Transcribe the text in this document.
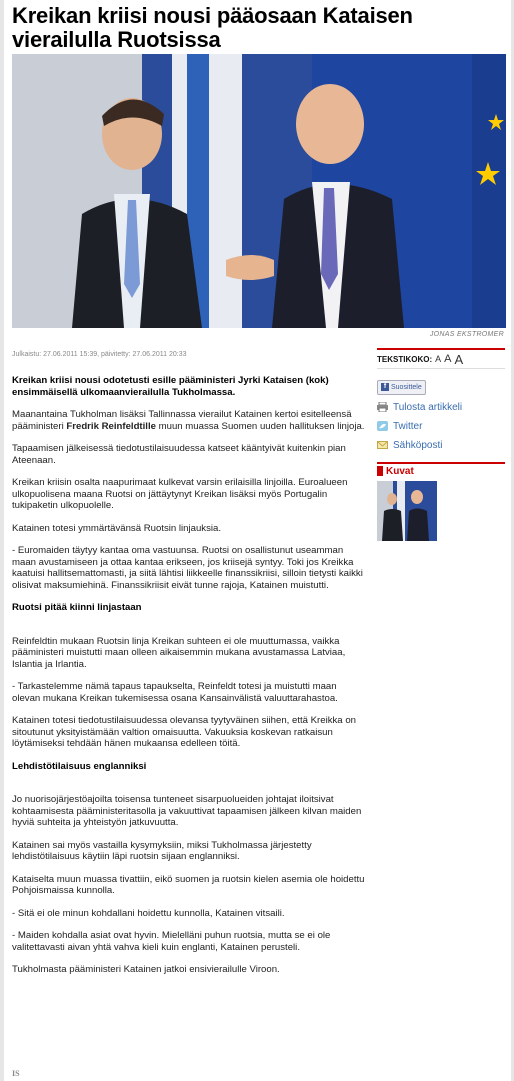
Kreikan kriisi nousi pääosaan Kataisen vierailulla Ruotsissa
JONAS EKSTROMER
Julkaistu: 27.06.2011 15:39, päivitetty: 27.06.2011 20:33

Kreikan kriisi nousi odotetusti esille pääministeri Jyrki Kataisen (kok) ensimmäisellä ulkomaanvierailulla Tukholmassa.

Maanantaina Tukholman lisäksi Tallinnassa vierailut Katainen kertoi esitelleensä pääministeri Fredrik Reinfeldtille muun muassa Suomen uuden hallituksen linjoja.

Tapaamisen jälkeisessä tiedotustilaisuudessa katseet kääntyivät kuitenkin pian Ateenaan.

Kreikan kriisin osalta naapurimaat kulkevat varsin erilaisilla linjoilla. Euroalueen ulkopuolisena maana Ruotsi on jättäytynyt Kreikan lisäksi myös Portugalin tukipaketin ulkopuolelle.

Katainen totesi ymmärtävänsä Ruotsin linjauksia.

- Euromaiden täytyy kantaa oma vastuunsa. Ruotsi on osallistunut useamman maan avustamiseen ja ottaa kantaa erikseen, jos kriisejä syntyy. Toki jos Kreikka kaatuisi hallitsemattomasti, ja siitä lähtisi liikkeelle finanssikriisi, silloin tietysti kaikki olisivat maksumiehinä. Finanssikriisit eivät tunne rajoja, Katainen muistutti.

Ruotsi pitää kiinni linjastaan

Reinfeldtin mukaan Ruotsin linja Kreikan suhteen ei ole muuttumassa, vaikka pääministeri muistutti maan olleen aikaisemmin mukana avustamassa Latviaa, Islantia ja Irlantia.

- Tarkastelemme nämä tapaus tapaukselta, Reinfeldt totesi ja muistutti maan olevan mukana Kreikan tukemisessa osana Kansainvälistä valuuttarahastoa.

Katainen totesi tiedotustilaisuudessa olevansa tyytyväinen siihen, että Kreikka on sitoutunut yksityistämään valtion omaisuutta. Vakuuksia koskevan ratkaisun löytämiseksi tehdään hänen mukaansa edelleen töitä.

Lehdistötilaisuus englanniksi

Jo nuorisojärjestöajoilta toisensa tunteneet sisarpuolueiden johtajat iloitsivat kohtaamisesta pääministeritasolla ja vakuuttivat tapaamisen jälkeen kilvan maiden hyviä suhteita ja yhteistyön jatkuvuutta.

Katainen sai myös vastailla kysymyksiin, miksi Tukholmassa järjestetty lehdistötilaisuus käytiin läpi ruotsin sijaan englanniksi.

Kataiselta muun muassa tivattiin, eikö suomen ja ruotsin kielen asemia ole hoidettu Pohjoismaissa kunnolla.

- Sitä ei ole minun kohdallani hoidettu kunnolla, Katainen vitsaili.

- Maiden kohdalla asiat ovat hyvin. Mielelläni puhun ruotsia, mutta se ei ole valitettavasti aivan yhtä vahva kieli kuin englanti, Katainen perusteli.

Tukholmasta pääministeri Katainen jatkoi ensivierailulle Viroon.

IS
TEKSTIKOKO: A A A
f Suosittele
Tulosta artikkeli
Twitter
Sähköposti
Kuvat
